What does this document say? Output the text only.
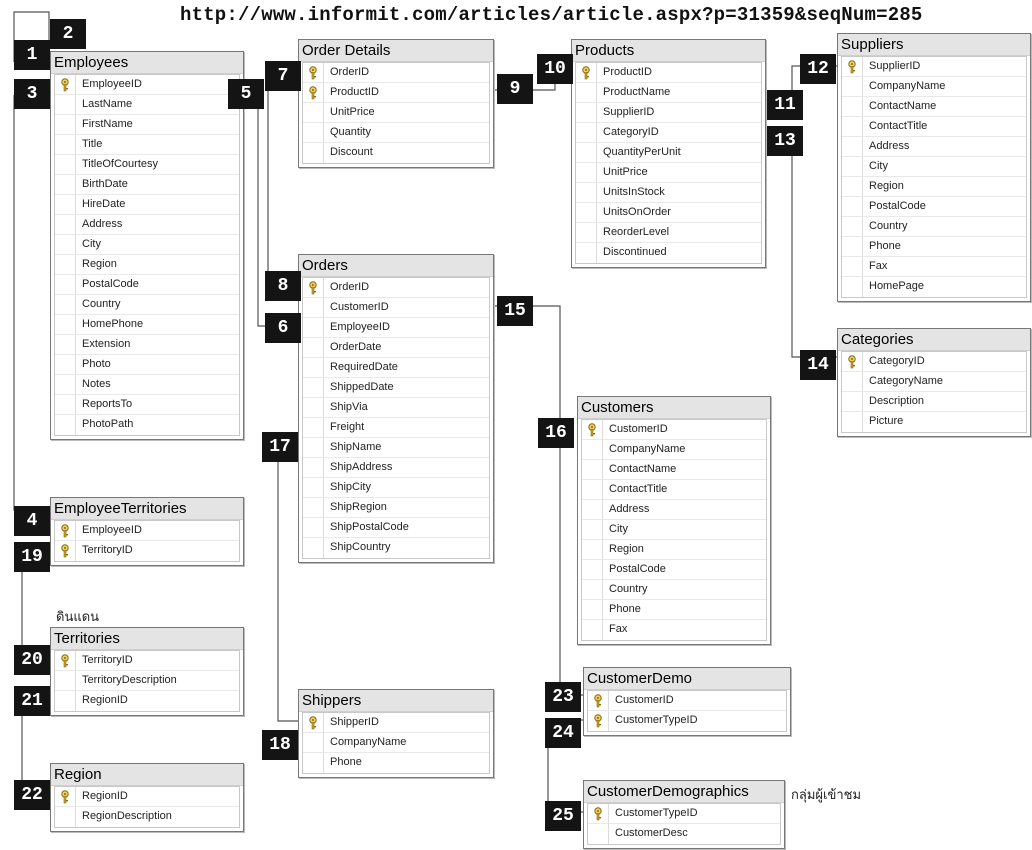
http://www.informit.com/articles/article.aspx?p=31359&seqNum=285
Employees
EmployeeID
LastName
FirstName
Title
TitleOfCourtesy
BirthDate
HireDate
Address
City
Region
PostalCode
Country
HomePhone
Extension
Photo
Notes
ReportsTo
PhotoPath
Order Details
OrderID
ProductID
UnitPrice
Quantity
Discount
Products
ProductID
ProductName
SupplierID
CategoryID
QuantityPerUnit
UnitPrice
UnitsInStock
UnitsOnOrder
ReorderLevel
Discontinued
Suppliers
SupplierID
CompanyName
ContactName
ContactTitle
Address
City
Region
PostalCode
Country
Phone
Fax
HomePage
Orders
OrderID
CustomerID
EmployeeID
OrderDate
RequiredDate
ShippedDate
ShipVia
Freight
ShipName
ShipAddress
ShipCity
ShipRegion
ShipPostalCode
ShipCountry
Categories
CategoryID
CategoryName
Description
Picture
Customers
CustomerID
CompanyName
ContactName
ContactTitle
Address
City
Region
PostalCode
Country
Phone
Fax
EmployeeTerritories
EmployeeID
TerritoryID
Territories
TerritoryID
TerritoryDescription
RegionID
Region
RegionID
RegionDescription
Shippers
ShipperID
CompanyName
Phone
CustomerDemo
CustomerID
CustomerTypeID
CustomerDemographics
CustomerTypeID
CustomerDesc
ดินแดน
กลุ่มผู้เข้าชม
1
2
3
4
5
6
7
8
9
10
11
12
13
14
15
16
17
18
19
20
21
22
23
24
25
